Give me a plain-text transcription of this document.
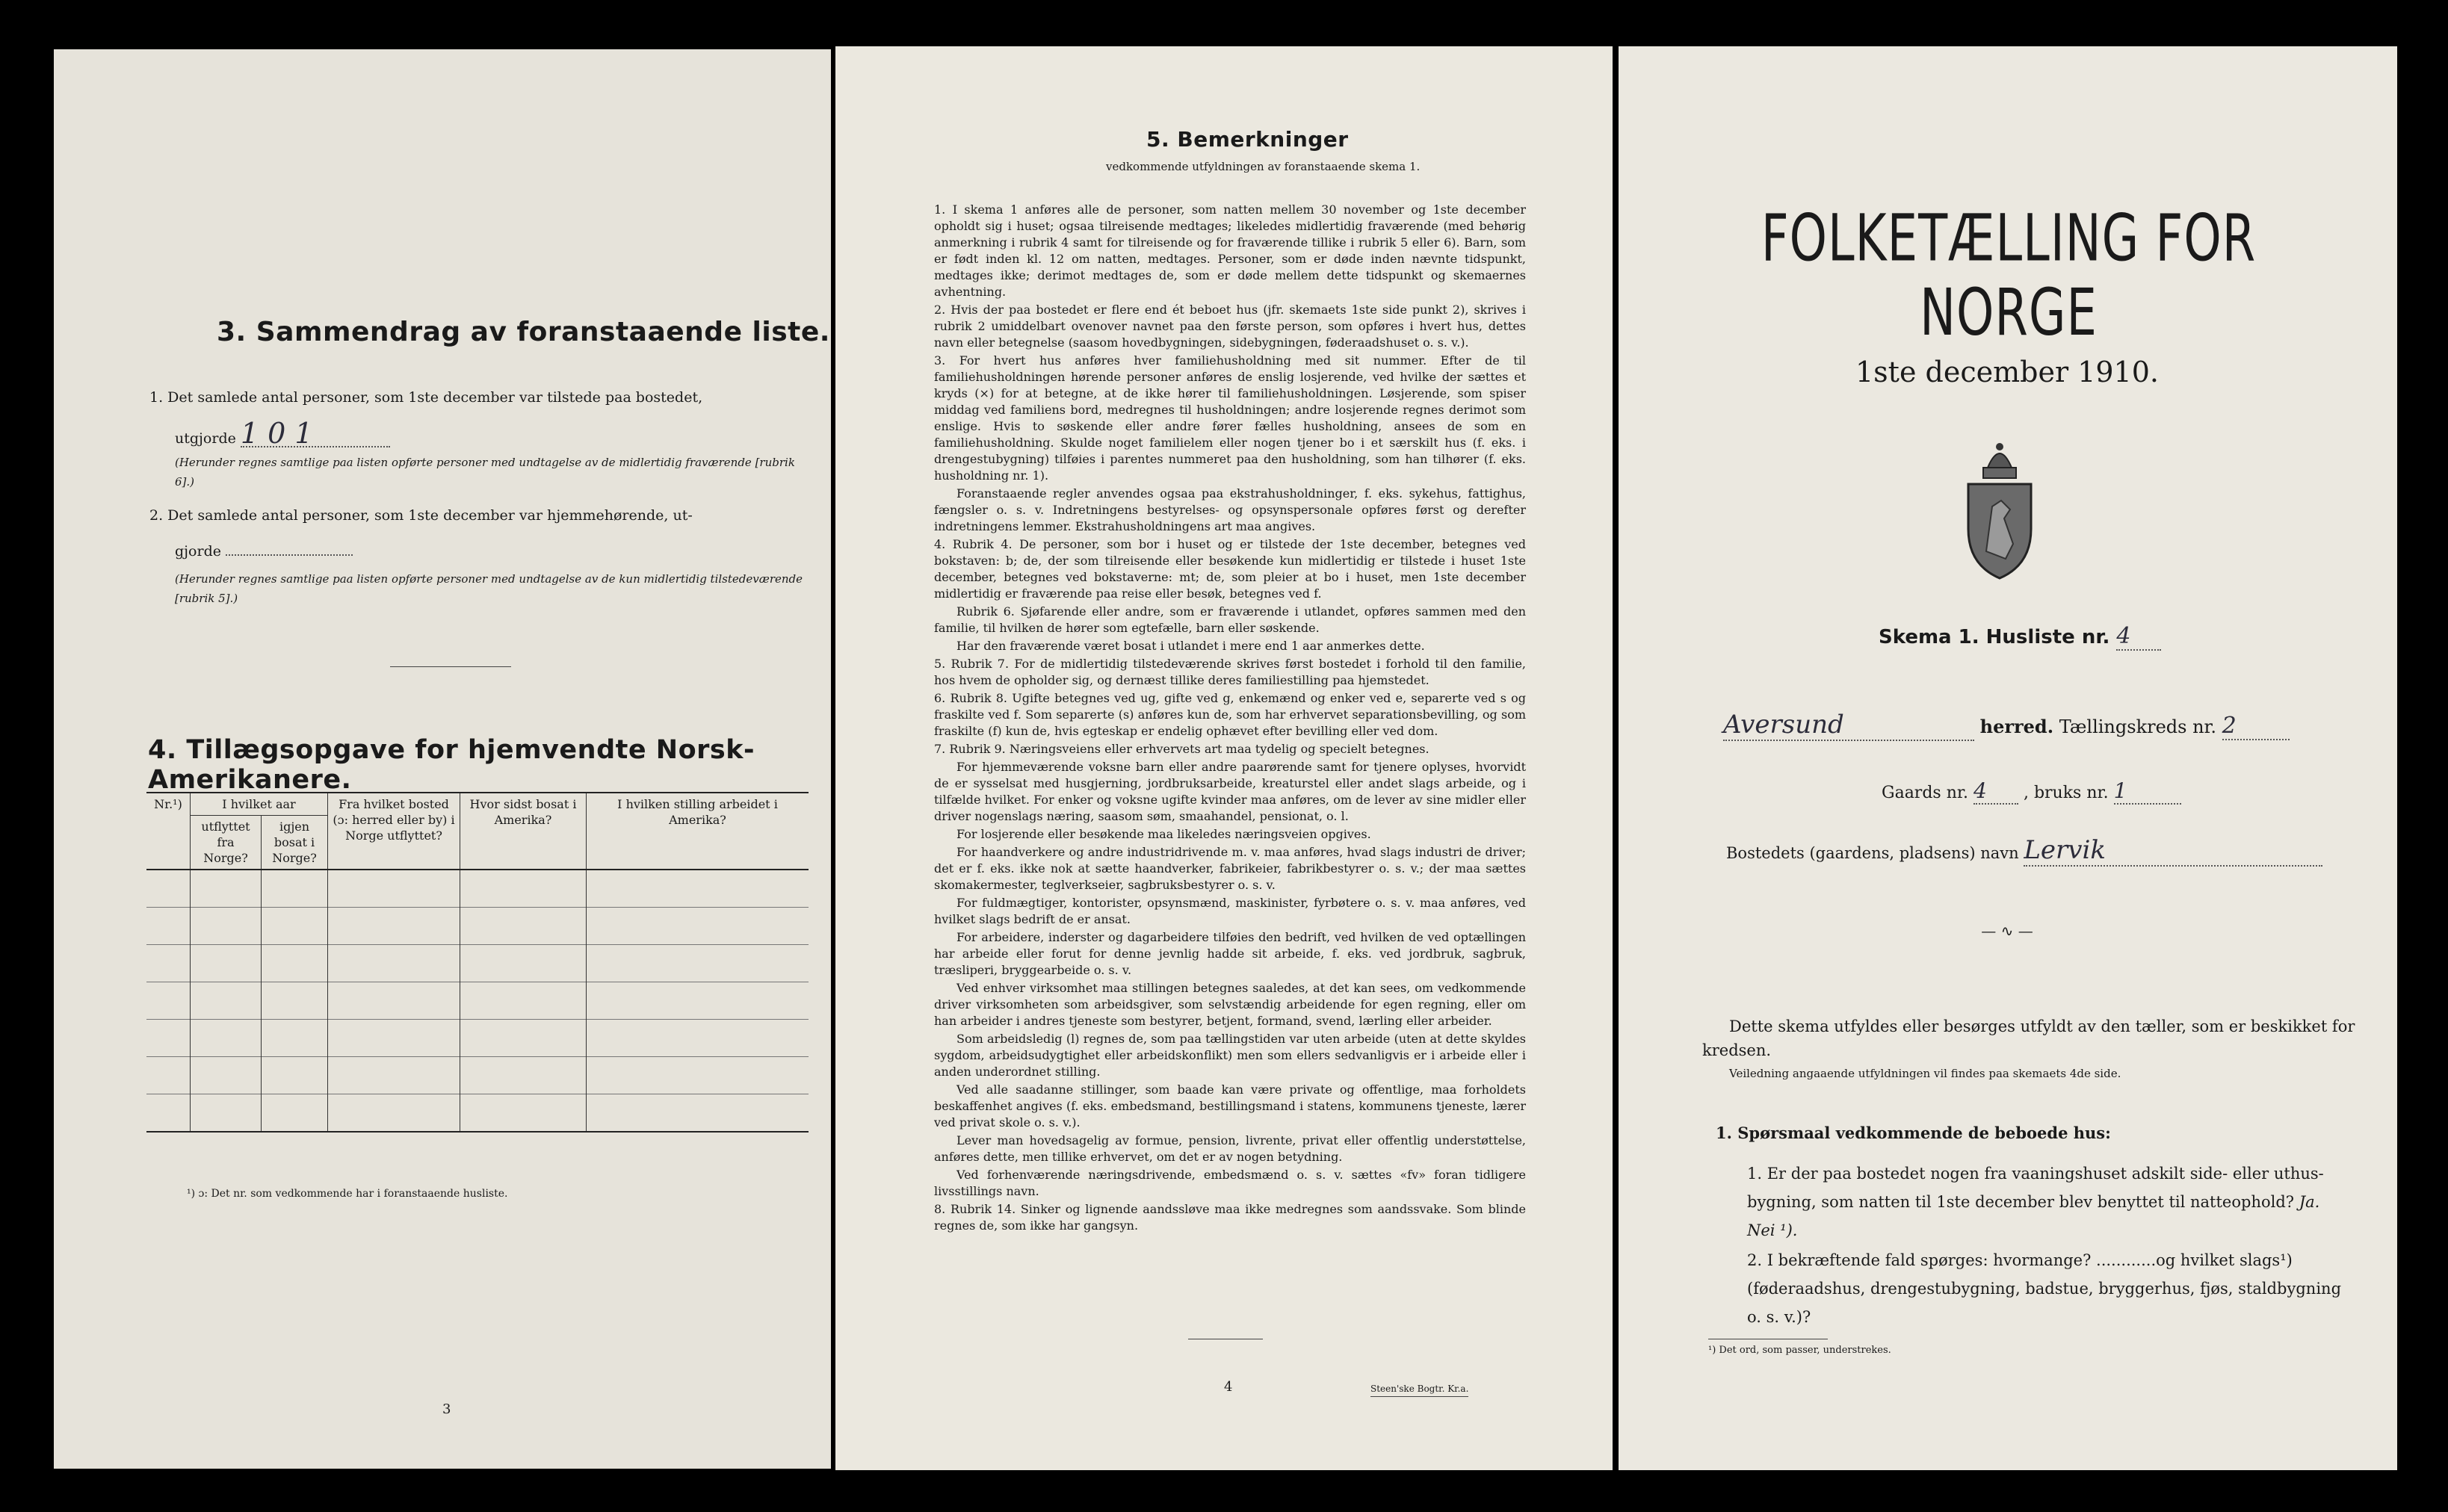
3. Sammendrag av foranstaaende liste.
1. Det samlede antal personer, som 1ste december var tilstede paa bostedet,
utgjorde 1 0 1
(Herunder regnes samtlige paa listen opførte personer med undtagelse av de midlertidig fraværende [rubrik 6].)
2. Det samlede antal personer, som 1ste december var hjemmehørende, ut-
gjorde
(Herunder regnes samtlige paa listen opførte personer med undtagelse av de kun midlertidig tilstedeværende [rubrik 5].)
4. Tillægsopgave for hjemvendte Norsk-Amerikanere.
Nr.¹)	I hvilket aar		Fra hvilket bosted (ɔ: herred eller by) i Norge utflyttet?	Hvor sidst bosat i Amerika?	I hvilken stilling arbeidet i Amerika?
	utflyttet fra Norge?	igjen bosat i Norge?			

¹) ɔ: Det nr. som vedkommende har i foranstaaende husliste.
3
5. Bemerkninger
vedkommende utfyldningen av foranstaaende skema 1.

1. I skema 1 anføres alle de personer, som natten mellem 30 november og 1ste december opholdt sig i huset; ogsaa tilreisende medtages; likeledes midlertidig fraværende (med behørig anmerkning i rubrik 4 samt for tilreisende og for fraværende tillike i rubrik 5 eller 6). Barn, som er født inden kl. 12 om natten, medtages. Personer, som er døde inden nævnte tidspunkt, medtages ikke; derimot medtages de, som er døde mellem dette tidspunkt og skemaernes avhentning.

2. Hvis der paa bostedet er flere end ét beboet hus (jfr. skemaets 1ste side punkt 2), skrives i rubrik 2 umiddelbart ovenover navnet paa den første person, som opføres i hvert hus, dettes navn eller betegnelse (saasom hovedbygningen, sidebygningen, føderaadshuset o. s. v.).

3. For hvert hus anføres hver familiehusholdning med sit nummer. Efter de til familiehusholdningen hørende personer anføres de enslig losjerende, ved hvilke der sættes et kryds (×) for at betegne, at de ikke hører til familiehusholdningen. Løsjerende, som spiser middag ved familiens bord, medregnes til husholdningen; andre losjerende regnes derimot som enslige. Hvis to søskende eller andre fører fælles husholdning, ansees de som en familiehusholdning. Skulde noget familielem eller nogen tjener bo i et særskilt hus (f. eks. i drengestubygning) tilføies i parentes nummeret paa den husholdning, som han tilhører (f. eks. husholdning nr. 1).

Foranstaaende regler anvendes ogsaa paa ekstrahusholdninger, f. eks. sykehus, fattighus, fængsler o. s. v. Indretningens bestyrelses- og opsynspersonale opføres først og derefter indretningens lemmer. Ekstrahusholdningens art maa angives.

4. Rubrik 4. De personer, som bor i huset og er tilstede der 1ste december, betegnes ved bokstaven: b; de, der som tilreisende eller besøkende kun midlertidig er tilstede i huset 1ste december, betegnes ved bokstaverne: mt; de, som pleier at bo i huset, men 1ste december midlertidig er fraværende paa reise eller besøk, betegnes ved f.

Rubrik 6. Sjøfarende eller andre, som er fraværende i utlandet, opføres sammen med den familie, til hvilken de hører som egtefælle, barn eller søskende.

Har den fraværende været bosat i utlandet i mere end 1 aar anmerkes dette.

5. Rubrik 7. For de midlertidig tilstedeværende skrives først bostedet i forhold til den familie, hos hvem de opholder sig, og dernæst tillike deres familiestilling paa hjemstedet.

6. Rubrik 8. Ugifte betegnes ved ug, gifte ved g, enkemænd og enker ved e, separerte ved s og fraskilte ved f. Som separerte (s) anføres kun de, som har erhvervet separationsbevilling, og som fraskilte (f) kun de, hvis egteskap er endelig ophævet efter bevilling eller ved dom.

7. Rubrik 9. Næringsveiens eller erhvervets art maa tydelig og specielt betegnes.

For hjemmeværende voksne barn eller andre paarørende samt for tjenere oplyses, hvorvidt de er sysselsat med husgjerning, jordbruksarbeide, kreaturstel eller andet slags arbeide, og i tilfælde hvilket. For enker og voksne ugifte kvinder maa anføres, om de lever av sine midler eller driver nogenslags næring, saasom søm, smaahandel, pensionat, o. l.

For losjerende eller besøkende maa likeledes næringsveien opgives.

For haandverkere og andre industridrivende m. v. maa anføres, hvad slags industri de driver; det er f. eks. ikke nok at sætte haandverker, fabrikeier, fabrikbestyrer o. s. v.; der maa sættes skomakermester, teglverkseier, sagbruksbestyrer o. s. v.

For fuldmægtiger, kontorister, opsynsmænd, maskinister, fyrbøtere o. s. v. maa anføres, ved hvilket slags bedrift de er ansat.

For arbeidere, inderster og dagarbeidere tilføies den bedrift, ved hvilken de ved optællingen har arbeide eller forut for denne jevnlig hadde sit arbeide, f. eks. ved jordbruk, sagbruk, træsliperi, bryggearbeide o. s. v.

Ved enhver virksomhet maa stillingen betegnes saaledes, at det kan sees, om vedkommende driver virksomheten som arbeidsgiver, som selvstændig arbeidende for egen regning, eller om han arbeider i andres tjeneste som bestyrer, betjent, formand, svend, lærling eller arbeider.

Som arbeidsledig (l) regnes de, som paa tællingstiden var uten arbeide (uten at dette skyldes sygdom, arbeidsudygtighet eller arbeidskonflikt) men som ellers sedvanligvis er i arbeide eller i anden underordnet stilling.

Ved alle saadanne stillinger, som baade kan være private og offentlige, maa forholdets beskaffenhet angives (f. eks. embedsmand, bestillingsmand i statens, kommunens tjeneste, lærer ved privat skole o. s. v.).

Lever man hovedsagelig av formue, pension, livrente, privat eller offentlig understøttelse, anføres dette, men tillike erhvervet, om det er av nogen betydning.

Ved forhenværende næringsdrivende, embedsmænd o. s. v. sættes «fv» foran tidligere livsstillings navn.

8. Rubrik 14. Sinker og lignende aandssløve maa ikke medregnes som aandssvake. Som blinde regnes de, som ikke har gangsyn.

4	Steen'ske Bogtr. Kr.a.
FOLKETÆLLING FOR NORGE
1ste december 1910.
Skema 1. Husliste nr. 4
Aversund	herred. Tællingskreds nr. 2
Gaards nr. 4 , bruks nr. 1
Bostedets (gaardens, pladsens) navn Lervik
— ∿ —
Dette skema utfyldes eller besørges utfyldt av den tæller, som er beskikket for kredsen.
Veiledning angaaende utfyldningen vil findes paa skemaets 4de side.
1. Spørsmaal vedkommende de beboede hus:
1. Er der paa bostedet nogen fra vaaningshuset adskilt side- eller uthus-bygning, som natten til 1ste december blev benyttet til natteophold? Ja. Nei ¹).
2. I bekræftende fald spørges: hvormange? ............og hvilket slags¹) (føderaadshus, drengestubygning, badstue, bryggerhus, fjøs, staldbygning o. s. v.)?
¹) Det ord, som passer, understrekes.
